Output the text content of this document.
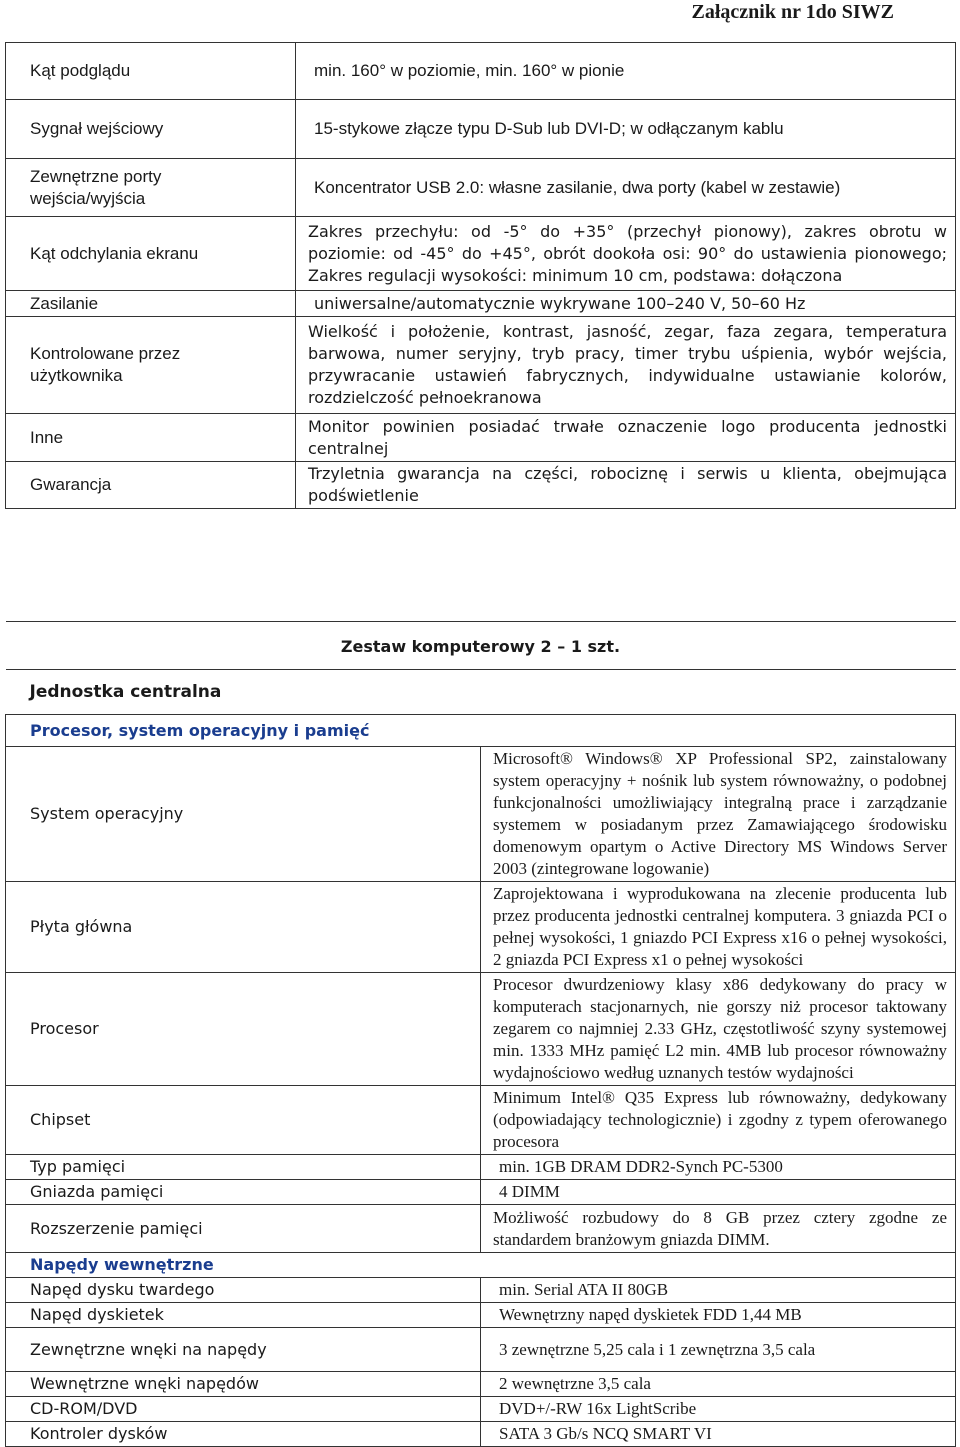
Załącznik nr 1do SIWZ
Kąt podglądu	min. 160° w poziomie, min. 160° w pionie
Sygnał wejściowy	15-stykowe złącze typu D-Sub lub DVI-D; w odłączanym kablu

Zewnętrzne porty wejścia/wyjścia	Koncentrator USB 2.0: własne zasilanie, dwa porty (kabel w zestawie)
Kąt odchylania ekranu	Zakres przechyłu: od -5° do +35° (przechył pionowy), zakres obrotu w poziomie: od -45° do +45°, obrót dookoła osi: 90° do ustawienia pionowego; Zakres regulacji wysokości: minimum 10 cm, podstawa: dołączona
Zasilanie	uniwersalne/automatycznie wykrywane 100–240 V, 50–60 Hz

Kontrolowane przez użytkownika	Wielkość i położenie, kontrast, jasność, zegar, faza zegara, temperatura barwowa, numer seryjny, tryb pracy, timer trybu uśpienia, wybór wejścia, przywracanie ustawień fabrycznych, indywidualne ustawianie kolorów, rozdzielczość pełnoekranowa
Inne	Monitor powinien posiadać trwałe oznaczenie logo producenta jednostki centralnej
Gwarancja	Trzyletnia gwarancja na części, robociznę i serwis u klienta, obejmująca podświetlenie
Zestaw komputerowy 2 – 1 szt.	
Jednostka centralna	
Procesor, system operacyjny i pamięć	
System operacyjny	Microsoft® Windows® XP Professional SP2, zainstalowany system operacyjny + nośnik lub system równoważny, o podobnej funkcjonalności umożliwiający integralną prace i zarządzanie systemem w posiadanym przez Zamawiającego środowisku domenowym opartym o Active Directory MS Windows Server 2003 (zintegrowane logowanie)
Płyta główna	Zaprojektowana i wyprodukowana na zlecenie producenta lub przez producenta jednostki centralnej komputera. 3 gniazda PCI o pełnej wysokości, 1 gniazdo PCI Express x16 o pełnej wysokości, 2 gniazda PCI Express x1 o pełnej wysokości
Procesor	Procesor dwurdzeniowy klasy x86 dedykowany do pracy w komputerach stacjonarnych, nie gorszy niż procesor taktowany zegarem co najmniej 2.33 GHz, częstotliwość szyny systemowej min. 1333 MHz pamięć L2 min. 4MB lub procesor równoważny wydajnościowo według uznanych testów wydajności
Chipset	Minimum Intel® Q35 Express lub równoważny, dedykowany (odpowiadający technologicznie) i zgodny z typem oferowanego procesora
Typ pamięci	min. 1GB DRAM DDR2-Synch PC-5300
Gniazda pamięci	4 DIMM
Rozszerzenie pamięci	Możliwość rozbudowy do 8 GB przez cztery zgodne ze standardem branżowym gniazda DIMM.
Napędy wewnętrzne	
Napęd dysku twardego	min. Serial ATA II 80GB
Napęd dyskietek	Wewnętrzny napęd dyskietek FDD 1,44 MB

Zewnętrzne wnęki na napędy	3 zewnętrzne 5,25 cala i 1 zewnętrzna 3,5 cala
Wewnętrzne wnęki napędów	2 wewnętrzne 3,5 cala
CD-ROM/DVD	DVD+/-RW 16x LightScribe
Kontroler dysków	SATA 3 Gb/s NCQ SMART VI
